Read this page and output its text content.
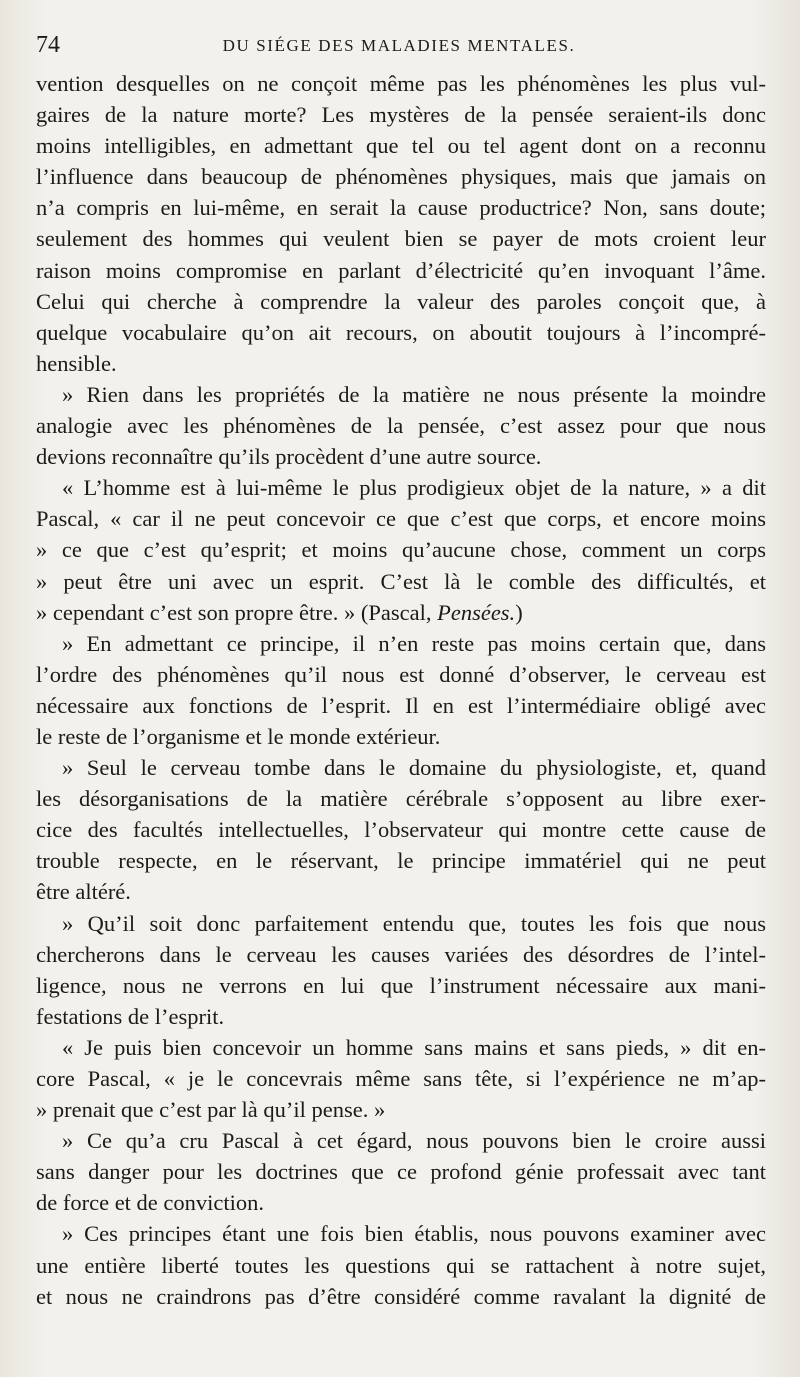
74	DU SIÉGE DES MALADIES MENTALES.
vention desquelles on ne conçoit même pas les phénomènes les plus vul-
gaires de la nature morte? Les mystères de la pensée seraient-ils donc
moins intelligibles, en admettant que tel ou tel agent dont on a reconnu
l’influence dans beaucoup de phénomènes physiques, mais que jamais on
n’a compris en lui-même, en serait la cause productrice? Non, sans doute;
seulement des hommes qui veulent bien se payer de mots croient leur
raison moins compromise en parlant d’électricité qu’en invoquant l’âme.
Celui qui cherche à comprendre la valeur des paroles conçoit que, à
quelque vocabulaire qu’on ait recours, on aboutit toujours à l’incompré-
hensible.
» Rien dans les propriétés de la matière ne nous présente la moindre
analogie avec les phénomènes de la pensée, c’est assez pour que nous
devions reconnaître qu’ils procèdent d’une autre source.
« L’homme est à lui-même le plus prodigieux objet de la nature, » a dit
Pascal, « car il ne peut concevoir ce que c’est que corps, et encore moins
» ce que c’est qu’esprit; et moins qu’aucune chose, comment un corps
» peut être uni avec un esprit. C’est là le comble des difficultés, et
» cependant c’est son propre être. » (Pascal, Pensées.)
» En admettant ce principe, il n’en reste pas moins certain que, dans
l’ordre des phénomènes qu’il nous est donné d’observer, le cerveau est
nécessaire aux fonctions de l’esprit. Il en est l’intermédiaire obligé avec
le reste de l’organisme et le monde extérieur.
» Seul le cerveau tombe dans le domaine du physiologiste, et, quand
les désorganisations de la matière cérébrale s’opposent au libre exer-
cice des facultés intellectuelles, l’observateur qui montre cette cause de
trouble respecte, en le réservant, le principe immatériel qui ne peut
être altéré.
» Qu’il soit donc parfaitement entendu que, toutes les fois que nous
chercherons dans le cerveau les causes variées des désordres de l’intel-
ligence, nous ne verrons en lui que l’instrument nécessaire aux mani-
festations de l’esprit.
« Je puis bien concevoir un homme sans mains et sans pieds, » dit en-
core Pascal, « je le concevrais même sans tête, si l’expérience ne m’ap-
» prenait que c’est par là qu’il pense. »
» Ce qu’a cru Pascal à cet égard, nous pouvons bien le croire aussi
sans danger pour les doctrines que ce profond génie professait avec tant
de force et de conviction.
» Ces principes étant une fois bien établis, nous pouvons examiner avec
une entière liberté toutes les questions qui se rattachent à notre sujet,
et nous ne craindrons pas d’être considéré comme ravalant la dignité de
